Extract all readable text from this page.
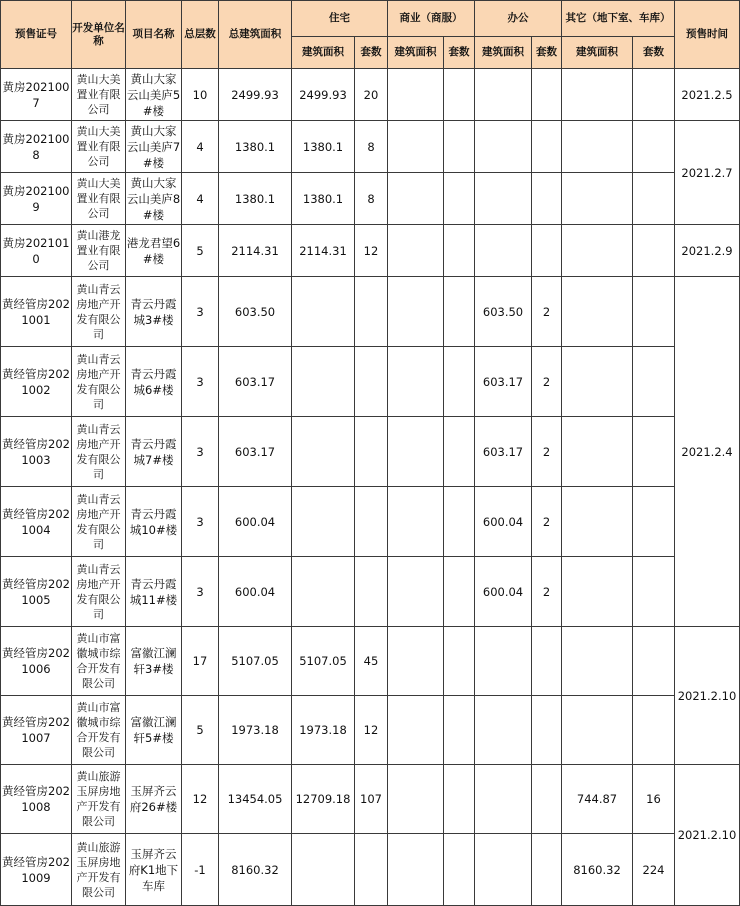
预售证号	开发单位名称	项目名称	总层数	总建筑面积	住宅		商业（商服）		办公		其它（地下室、车库）		预售时间

					建筑面积	套数	建筑面积	套数	建筑面积	套数	建筑面积	套数	

黄房2021007	黄山大美置业有限公司	黄山大家云山美庐5#楼	10	2499.93	2499.93	20							2021.2.5

黄房2021008	黄山大美置业有限公司	黄山大家云山美庐7#楼	4	1380.1	1380.1	8							2021.2.7

黄房2021009	黄山大美置业有限公司	黄山大家云山美庐8#楼	4	1380.1	1380.1	8							

黄房2021010	黄山港龙置业有限公司	港龙君望6#楼	5	2114.31	2114.31	12							2021.2.9

黄经管房2021001	黄山青云房地产开发有限公司	青云丹霞城3#楼	3	603.50					603.50	2			2021.2.4

黄经管房2021002	黄山青云房地产开发有限公司	青云丹霞城6#楼	3	603.17					603.17	2			

黄经管房2021003	黄山青云房地产开发有限公司	青云丹霞城7#楼	3	603.17					603.17	2			

黄经管房2021004	黄山青云房地产开发有限公司	青云丹霞城10#楼	3	600.04					600.04	2			

黄经管房2021005	黄山青云房地产开发有限公司	青云丹霞城11#楼	3	600.04					600.04	2			

黄经管房2021006	黄山市富徽城市综合开发有限公司	富徽江澜轩3#楼	17	5107.05	5107.05	45							2021.2.10

黄经管房2021007	黄山市富徽城市综合开发有限公司	富徽江澜轩5#楼	5	1973.18	1973.18	12							

黄经管房2021008	黄山旅游玉屏房地产开发有限公司	玉屏齐云府26#楼	12	13454.05	12709.18	107					744.87	16	2021.2.10

黄经管房2021009	黄山旅游玉屏房地产开发有限公司	玉屏齐云府K1地下车库	-1	8160.32							8160.32	224	
